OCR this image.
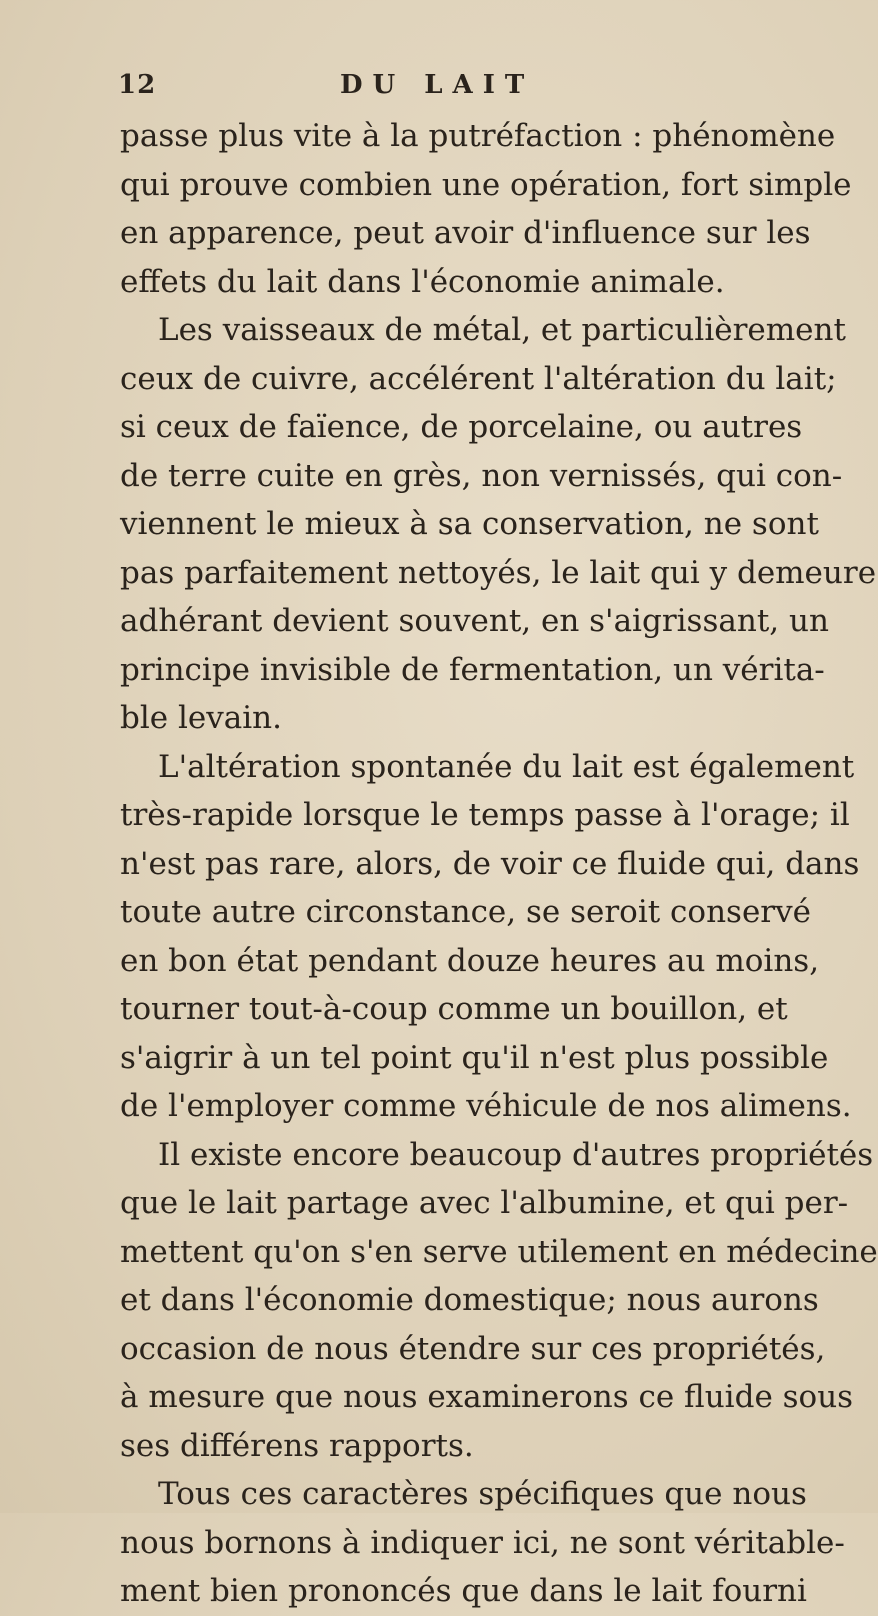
12	DU LAIT
passe plus vite à la putréfaction : phénomène
qui prouve combien une opération, fort simple
en apparence, peut avoir d'influence sur les
effets du lait dans l'économie animale.
Les vaisseaux de métal, et particulièrement
ceux de cuivre, accélérent l'altération du lait;
si ceux de faïence, de porcelaine, ou autres
de terre cuite en grès, non vernissés, qui con-
viennent le mieux à sa conservation, ne sont
pas parfaitement nettoyés, le lait qui y demeure
adhérant devient souvent, en s'aigrissant, un
principe invisible de fermentation, un vérita-
ble levain.
L'altération spontanée du lait est également
très-rapide lorsque le temps passe à l'orage; il
n'est pas rare, alors, de voir ce fluide qui, dans
toute autre circonstance, se seroit conservé
en bon état pendant douze heures au moins,
tourner tout-à-coup comme un bouillon, et
s'aigrir à un tel point qu'il n'est plus possible
de l'employer comme véhicule de nos alimens.
Il existe encore beaucoup d'autres propriétés
que le lait partage avec l'albumine, et qui per-
mettent qu'on s'en serve utilement en médecine
et dans l'économie domestique; nous aurons
occasion de nous étendre sur ces propriétés,
à mesure que nous examinerons ce fluide sous
ses différens rapports.
Tous ces caractères spécifiques que nous
nous bornons à indiquer ici, ne sont véritable-
ment bien prononcés que dans le lait fourni
